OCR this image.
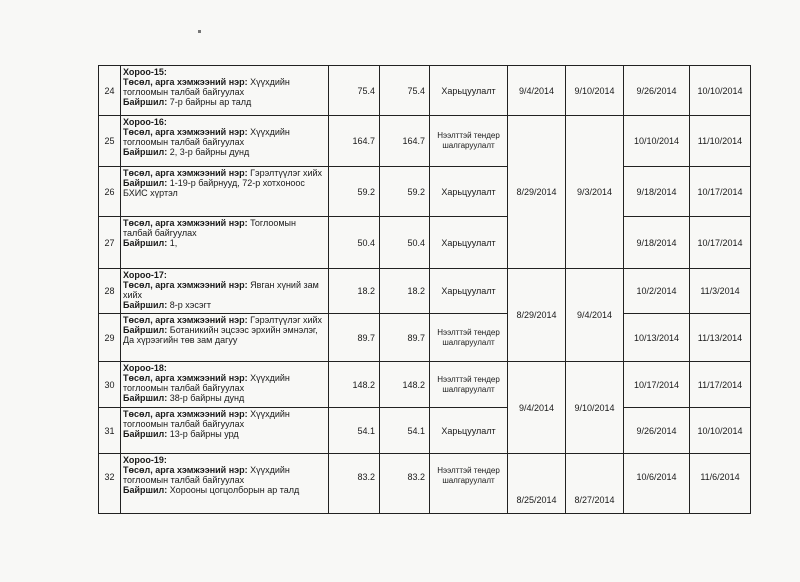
24	Хороо-15:
Төсөл, арга хэмжээний нэр: Хүүхдийн тоглоомын талбай байгуулах
Байршил: 7-р байрны ар талд	75.4	75.4	Харьцуулалт	9/4/2014	9/10/2014	9/26/2014	10/10/2014
25	Хороо-16:
Төсөл, арга хэмжээний нэр: Хүүхдийн тоглоомын талбай байгуулах
Байршил: 2, 3-р байрны дунд	164.7	164.7	Нээлттэй тендер шалгаруулалт	8/29/2014	9/3/2014	10/10/2014	11/10/2014
26	Төсөл, арга хэмжээний нэр: Гэрэлтүүлэг хийх
Байршил: 1-19-р байрнууд, 72-р хотхоноос БХИС хүртэл	59.2	59.2	Харьцуулалт			9/18/2014	10/17/2014
27	Төсөл, арга хэмжээний нэр: Тоглоомын талбай байгуулах
Байршил: 1,	50.4	50.4	Харьцуулалт			9/18/2014	10/17/2014
28	Хороо-17:
Төсөл, арга хэмжээний нэр: Явган хүний зам хийх
Байршил: 8-р хэсэгт	18.2	18.2	Харьцуулалт	8/29/2014	9/4/2014	10/2/2014	11/3/2014
29	Төсөл, арга хэмжээний нэр: Гэрэлтүүлэг хийх
Байршил: Ботаникийн эцсээс эрхийн эмнэлэг, Да хүрээгийн төв зам дагуу	89.7	89.7	Нээлттэй тендер шалгаруулалт			10/13/2014	11/13/2014
30	Хороо-18:
Төсөл, арга хэмжээний нэр: Хүүхдийн тоглоомын талбай байгуулах
Байршил: 38-р байрны дунд	148.2	148.2	Нээлттэй тендер шалгаруулалт	9/4/2014	9/10/2014	10/17/2014	11/17/2014
31	Төсөл, арга хэмжээний нэр: Хүүхдийн тоглоомын талбай байгуулах
Байршил: 13-р байрны урд	54.1	54.1	Харьцуулалт			9/26/2014	10/10/2014
32	Хороо-19:
Төсөл, арга хэмжээний нэр: Хүүхдийн тоглоомын талбай байгуулах
Байршил: Хорооны цогцолборын ар талд	83.2	83.2	Нээлттэй тендер шалгаруулалт	8/25/2014	8/27/2014	10/6/2014	11/6/2014
